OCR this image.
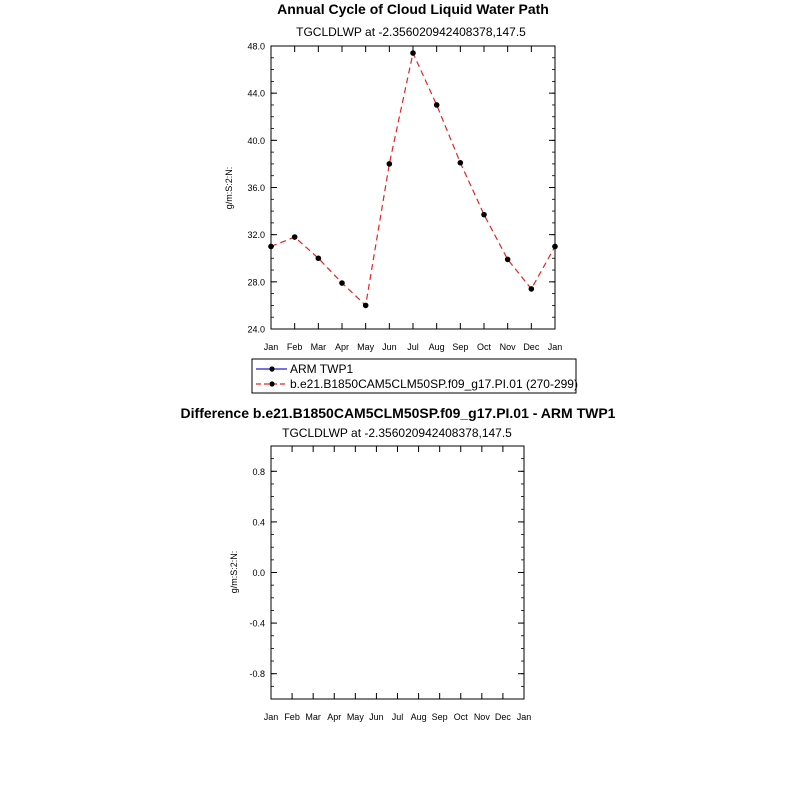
Annual Cycle of Cloud Liquid Water Path
TGCLDLWP at -2.356020942408378,147.5
Jan Feb Mar Apr May Jun Jul Aug Sep Oct Nov Dec Jan
24.0
28.0
32.0
36.0
40.0
44.0
48.0
g/m:S:2:N:
ARM TWP1
b.e21.B1850CAM5CLM50SP.f09_g17.PI.01 (270-299)
Difference b.e21.B1850CAM5CLM50SP.f09_g17.PI.01 - ARM TWP1
TGCLDLWP at -2.356020942408378,147.5
Jan Feb Mar Apr May Jun Jul Aug Sep Oct Nov Dec Jan
-0.8
-0.4
0.0
0.4
0.8
g/m:S:2:N:
